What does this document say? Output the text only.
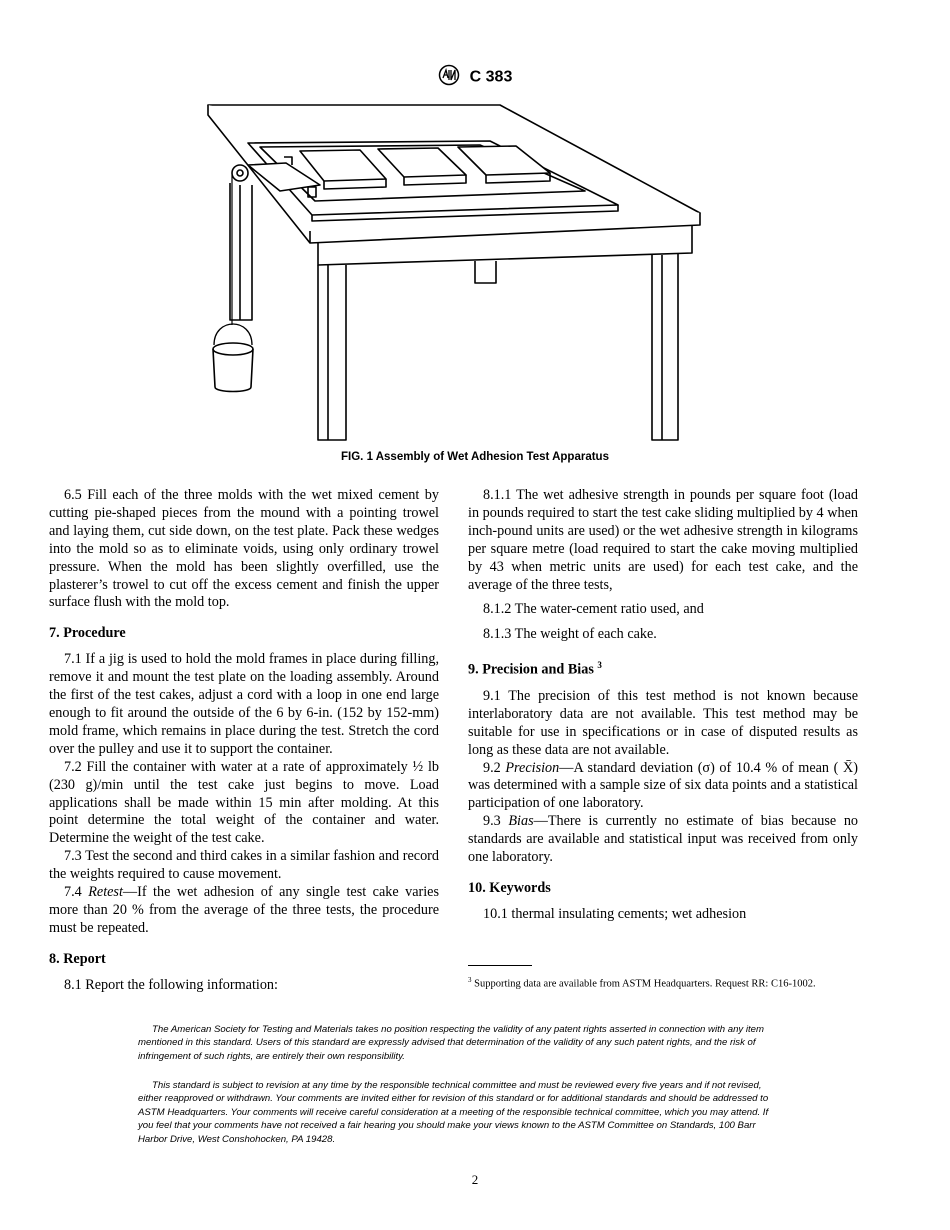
C 383
FIG. 1 Assembly of Wet Adhesion Test Apparatus

6.5 Fill each of the three molds with the wet mixed cement by cutting pie-shaped pieces from the mound with a pointing trowel and laying them, cut side down, on the test plate. Pack these wedges into the mold so as to eliminate voids, using only ordinary trowel pressure. When the mold has been slightly overfilled, use the plasterer’s trowel to cut off the excess cement and finish the upper surface flush with the mold top.

7. Procedure

7.1 If a jig is used to hold the mold frames in place during filling, remove it and mount the test plate on the loading assembly. Around the first of the test cakes, adjust a cord with a loop in one end large enough to fit around the outside of the 6 by 6-in. (152 by 152-mm) mold frame, which remains in place during the test. Stretch the cord over the pulley and use it to support the container.

7.2 Fill the container with water at a rate of approximately ½ lb (230 g)/min until the test cake just begins to move. Load applications shall be made within 15 min after molding. At this point determine the total weight of the container and water. Determine the weight of the test cake.

7.3 Test the second and third cakes in a similar fashion and record the weights required to cause movement.

7.4 Retest—If the wet adhesion of any single test cake varies more than 20 % from the average of the three tests, the procedure must be repeated.

8. Report

8.1 Report the following information:

8.1.1 The wet adhesive strength in pounds per square foot (load in pounds required to start the test cake sliding multiplied by 4 when inch-pound units are used) or the wet adhesive strength in kilograms per square metre (load required to start the cake moving multiplied by 43 when metric units are used) for each test cake, and the average of the three tests,

8.1.2 The water-cement ratio used, and

8.1.3 The weight of each cake.

9. Precision and Bias $^3$

9.1 The precision of this test method is not known because interlaboratory data are not available. This test method may be suitable for use in specifications or in case of disputed results as long as these data are not available.

9.2 Precision—A standard deviation (σ) of 10.4 % of mean ( X̄) was determined with a sample size of six data points and a statistical participation of one laboratory.

9.3 Bias—There is currently no estimate of bias because no standards are available and statistical input was received from only one laboratory.

10. Keywords

10.1 thermal insulating cements; wet adhesion

$^3$ Supporting data are available from ASTM Headquarters. Request RR: C16-1002.

The American Society for Testing and Materials takes no position respecting the validity of any patent rights asserted in connection with any item mentioned in this standard. Users of this standard are expressly advised that determination of the validity of any such patent rights, and the risk of infringement of such rights, are entirely their own responsibility.

This standard is subject to revision at any time by the responsible technical committee and must be reviewed every five years and if not revised, either reapproved or withdrawn. Your comments are invited either for revision of this standard or for additional standards and should be addressed to ASTM Headquarters. Your comments will receive careful consideration at a meeting of the responsible technical committee, which you may attend. If you feel that your comments have not received a fair hearing you should make your views known to the ASTM Committee on Standards, 100 Barr Harbor Drive, West Conshohocken, PA 19428.

2
